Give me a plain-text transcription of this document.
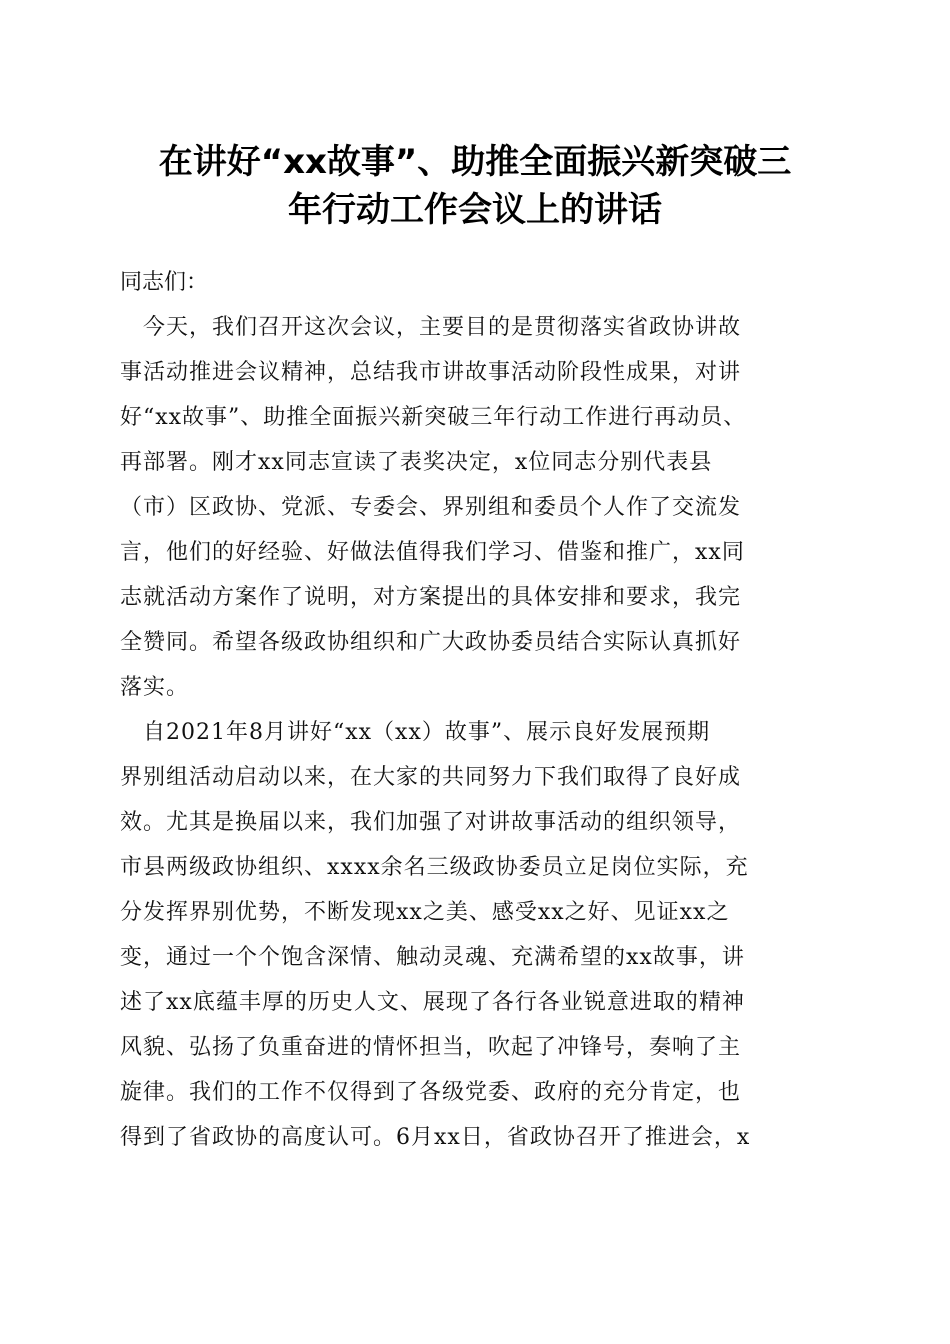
在讲好“xx故事”、助推全面振兴新突破三
年行动工作会议上的讲话
同志们：
　今天，我们召开这次会议，主要目的是贯彻落实省政协讲故
事活动推进会议精神，总结我市讲故事活动阶段性成果，对讲
好“xx故事”、助推全面振兴新突破三年行动工作进行再动员、
再部署。刚才xx同志宣读了表奖决定，x位同志分别代表县
（市）区政协、党派、专委会、界别组和委员个人作了交流发
言，他们的好经验、好做法值得我们学习、借鉴和推广，xx同
志就活动方案作了说明，对方案提出的具体安排和要求，我完
全赞同。希望各级政协组织和广大政协委员结合实际认真抓好
落实。
　自2021年8月讲好“xx（xx）故事”、展示良好发展预期
界别组活动启动以来，在大家的共同努力下我们取得了良好成
效。尤其是换届以来，我们加强了对讲故事活动的组织领导，
市县两级政协组织、xxxx余名三级政协委员立足岗位实际，充
分发挥界别优势，不断发现xx之美、感受xx之好、见证xx之
变，通过一个个饱含深情、触动灵魂、充满希望的xx故事，讲
述了xx底蕴丰厚的历史人文、展现了各行各业锐意进取的精神
风貌、弘扬了负重奋进的情怀担当，吹起了冲锋号，奏响了主
旋律。我们的工作不仅得到了各级党委、政府的充分肯定，也
得到了省政协的高度认可。6月xx日，省政协召开了推进会，x
